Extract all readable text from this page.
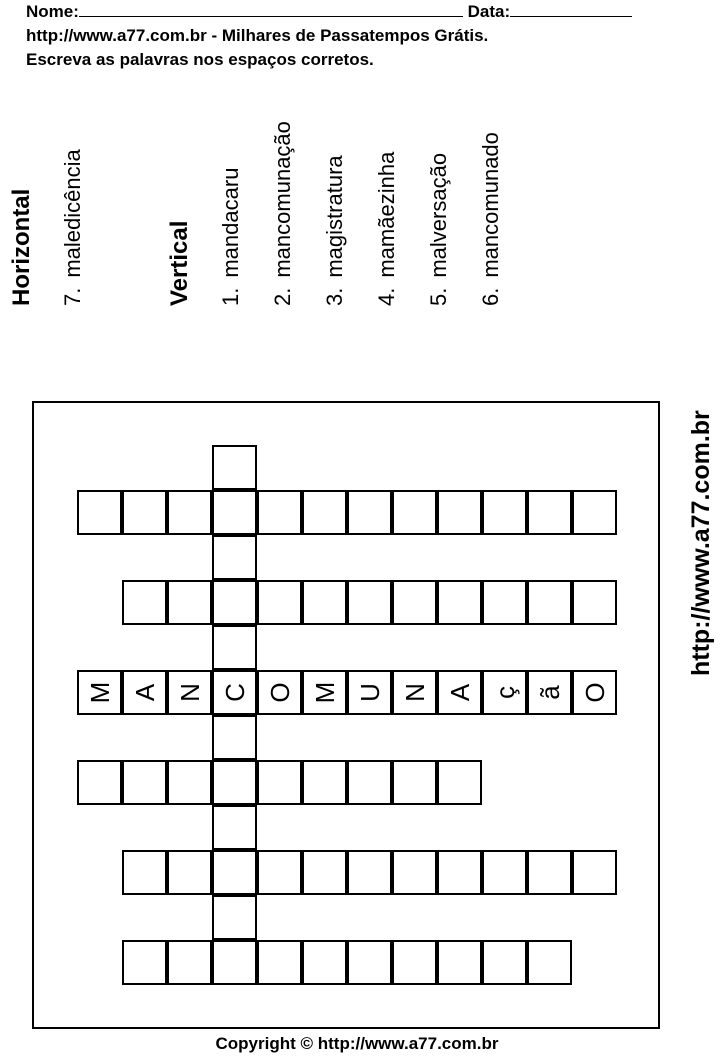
Nome:	Data:
http://www.a77.com.br - Milhares de Passatempos Grátis.
Escreva as palavras nos espaços corretos.
Horizontal 7.maledicência	Vertical 1.mandacaru
2.mancomunação
3.magistratura
4.mamãezinha
5.malversação
6.mancomunado
M A N C O M U N A ç ã O
http://www.a77.com.br
Copyright © http://www.a77.com.br
